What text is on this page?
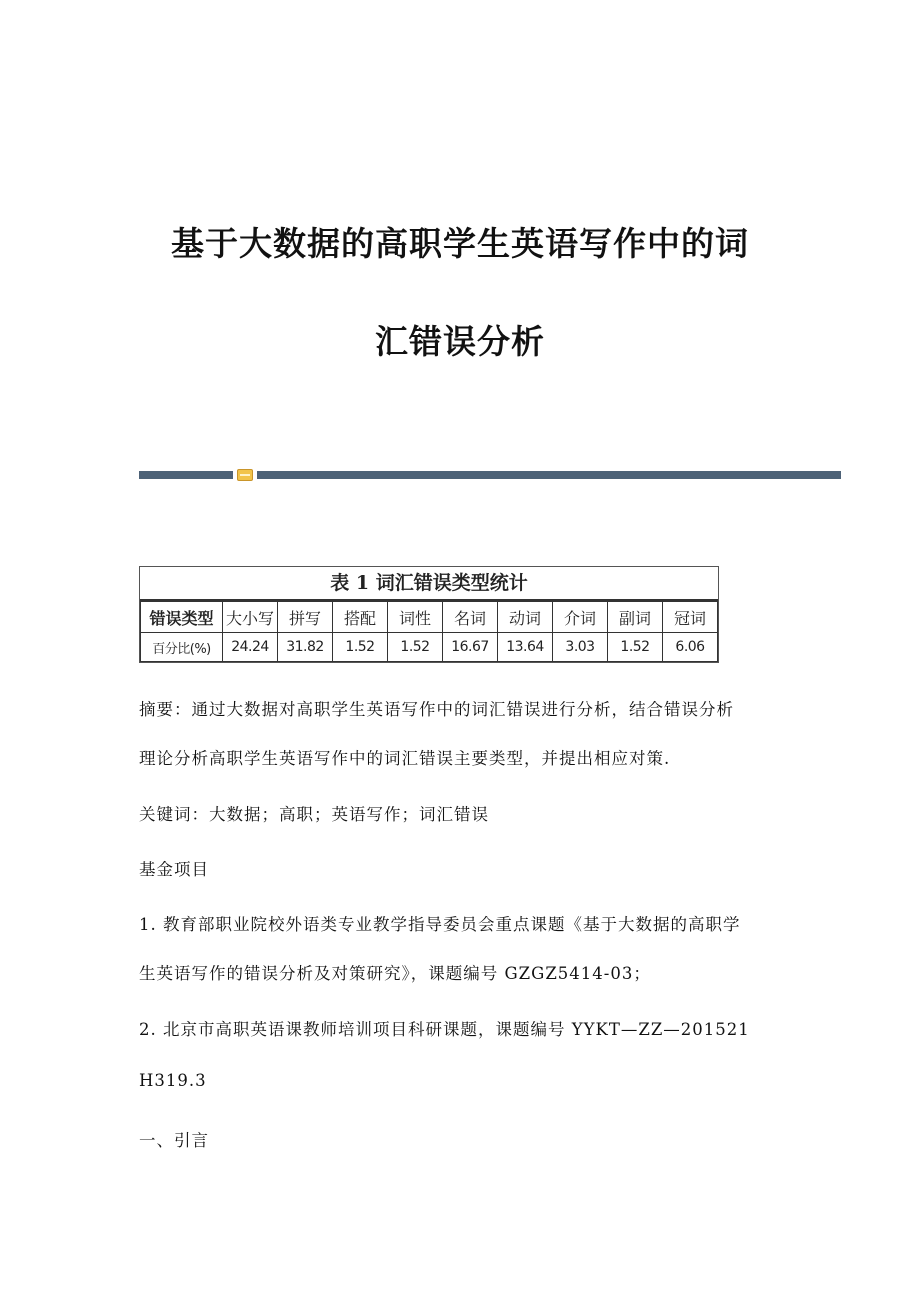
基于大数据的高职学生英语写作中的词
汇错误分析
表 1 词汇错误类型统计
错误类型	大小写	拼写	搭配	词性	名词	动词	介词	副词	冠词
百分比(%)	24.24	31.82	1.52	1.52	16.67	13.64	3.03	1.52	6.06
摘要：通过大数据对高职学生英语写作中的词汇错误进行分析，结合错误分析
理论分析高职学生英语写作中的词汇错误主要类型，并提出相应对策.
关键词：大数据；高职；英语写作；词汇错误
基金项目
1. 教育部职业院校外语类专业教学指导委员会重点课题《基于大数据的高职学
生英语写作的错误分析及对策研究》，课题编号 GZGZ5414-03；
2. 北京市高职英语课教师培训项目科研课题，课题编号 YYKT—ZZ—201521
H319.3
一、引言
